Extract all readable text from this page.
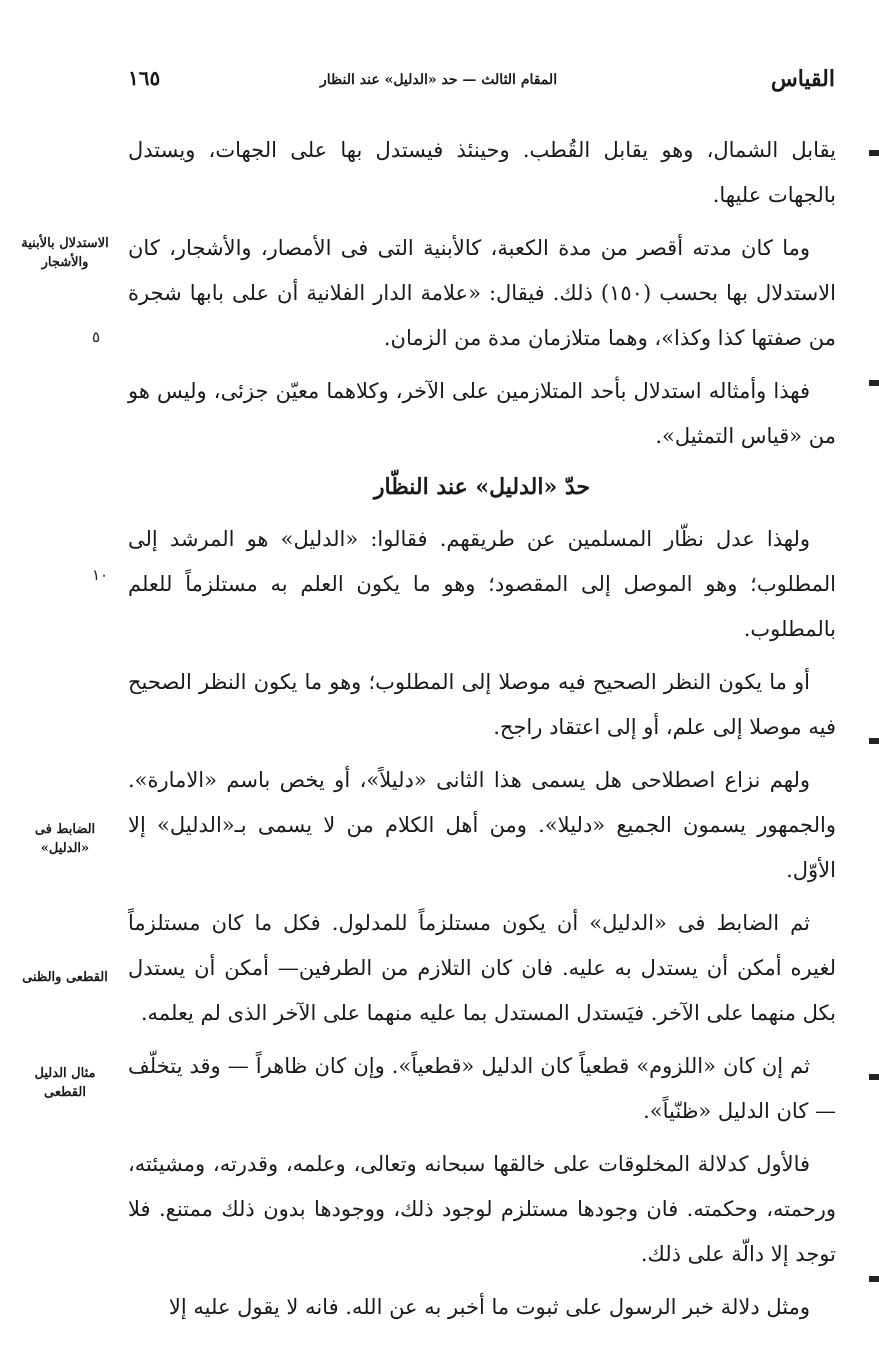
القياس
المقام الثالث — حد «الدليل» عند النظار
١٦٥

يقابل الشمال، وهو يقابل القُطب. وحينئذ فيستدل بها على الجهات، ويستدل بالجهات عليها.

وما كان مدته أقصر من مدة الكعبة، كالأبنية التى فى الأمصار، والأشجار، كان الاستدلال بها بحسب (١٥٠) ذلك. فيقال: «علامة الدار الفلانية أن على بابها شجرة من صفتها كذا وكذا»، وهما متلازمان مدة من الزمان.

فهذا وأمثاله استدلال بأحد المتلازمين على الآخر، وكلاهما معيّن جزئى، وليس هو من «قياس التمثيل».

حدّ «الدليل» عند النظّار

ولهذا عدل نظّار المسلمين عن طريقهم. فقالوا: «الدليل» هو المرشد إلى المطلوب؛ وهو الموصل إلى المقصود؛ وهو ما يكون العلم به مستلزماً للعلم بالمطلوب.

أو ما يكون النظر الصحيح فيه موصلا إلى المطلوب؛ وهو ما يكون النظر الصحيح فيه موصلا إلى علم، أو إلى اعتقاد راجح.

ولهم نزاع اصطلاحى هل يسمى هذا الثانى «دليلاً»، أو يخص باسم «الامارة». والجمهور يسمون الجميع «دليلا». ومن أهل الكلام من لا يسمى بـ«الدليل» إلا الأوّل.

ثم الضابط فى «الدليل» أن يكون مستلزماً للمدلول. فكل ما كان مستلزماً لغيره أمكن أن يستدل به عليه. فان كان التلازم من الطرفين— أمكن أن يستدل بكل منهما على الآخر. فيَستدل المستدل بما عليه منهما على الآخر الذى لم يعلمه.

ثم إن كان «اللزوم» قطعياً كان الدليل «قطعياً». وإن كان ظاهراً — وقد يتخلّف — كان الدليل «ظنّياً».

فالأول كدلالة المخلوقات على خالقها سبحانه وتعالى، وعلمه، وقدرته، ومشيئته، ورحمته، وحكمته. فان وجودها مستلزم لوجود ذلك، ووجودها بدون ذلك ممتنع. فلا توجد إلا دالّة على ذلك.

ومثل دلالة خبر الرسول على ثبوت ما أخبر به عن الله. فانه لا يقول عليه إلا

الاستدلال بالأبنية والأشجار
٥
١٠
الضابط فى «الدليل»
القطعى والظنى
مثال الدليل القطعى
